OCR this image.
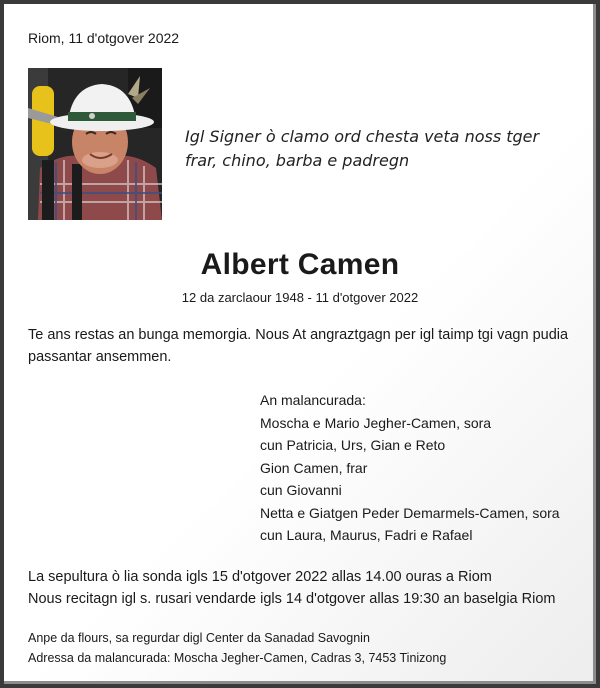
Riom, 11 d'otgover 2022
Igl Signer ò clamo ord chesta veta noss tger frar, chino, barba e padregn
Albert Camen
12 da zarclaour 1948 - 11 d'otgover 2022
Te ans restas an bunga memorgia. Nous At angraztgagn per igl taimp tgi vagn pudia passantar ansemmen.
An malancurada:
Moscha e Mario Jegher-Camen, sora
cun Patricia, Urs, Gian e Reto
Gion Camen, frar
cun Giovanni
Netta e Giatgen Peder Demarmels-Camen, sora
cun Laura, Maurus, Fadri e Rafael
La sepultura ò lia sonda igls 15 d'otgover 2022 allas 14.00 ouras a Riom
Nous recitagn igl s. rusari vendarde igls 14 d'otgover allas 19:30 an baselgia Riom
Anpe da flours, sa regurdar digl Center da Sanadad Savognin
Adressa da malancurada: Moscha Jegher-Camen, Cadras 3, 7453 Tinizong
